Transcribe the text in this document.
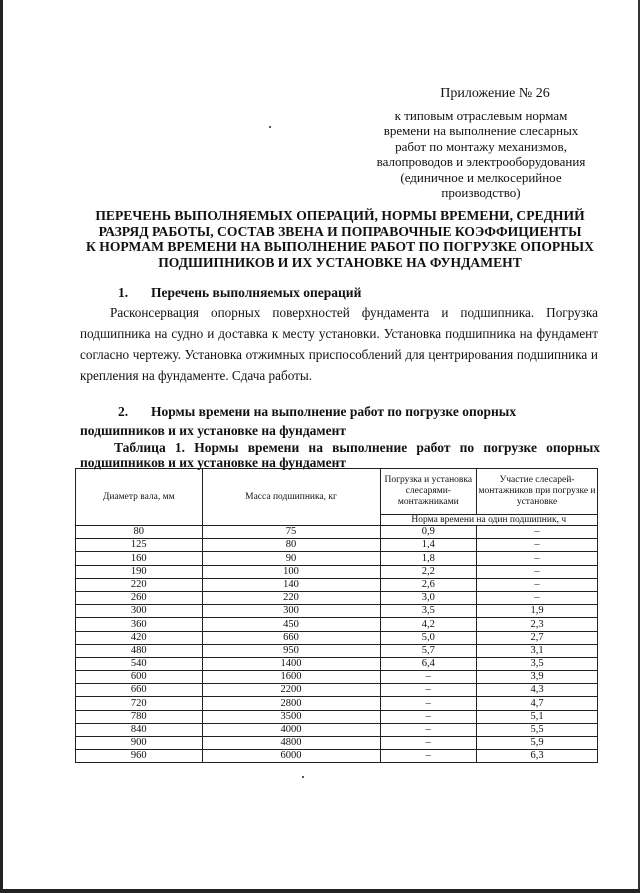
Приложение № 26
к типовым отраслевым нормам
времени на выполнение слесарных
работ по монтажу механизмов,
валопроводов и электрооборудования
(единичное и мелкосерийное
производство)
ПЕРЕЧЕНЬ ВЫПОЛНЯЕМЫХ ОПЕРАЦИЙ, НОРМЫ ВРЕМЕНИ, СРЕДНИЙ
РАЗРЯД РАБОТЫ, СОСТАВ ЗВЕНА И ПОПРАВОЧНЫЕ КОЭФФИЦИЕНТЫ
К НОРМАМ ВРЕМЕНИ НА ВЫПОЛНЕНИЕ РАБОТ ПО ПОГРУЗКЕ ОПОРНЫХ
ПОДШИПНИКОВ И ИХ УСТАНОВКЕ НА ФУНДАМЕНТ
1. Перечень выполняемых операций
Расконсервация опорных поверхностей фундамента и подшипника. Погрузка подшипника на судно и доставка к месту установки. Установка подшипника на фундамент согласно чертежу. Установка отжимных приспособлений для центрирования подшипника и крепления на фундаменте. Сдача работы.
2. Нормы времени на выполнение работ по погрузке опорных подшипников и их установке на фундамент
Таблица 1. Нормы времени на выполнение работ по погрузке опорных подшипников и их установке на фундамент
Диаметр вала, мм	Масса подшипника, кг	Погрузка и установка слесарями-монтажниками	Участие слесарей-монтажников при погрузке и установке
		Норма времени на один подшипник, ч	
80	75	0,9	–
125	80	1,4	–
160	90	1,8	–
190	100	2,2	–
220	140	2,6	–
260	220	3,0	–
300	300	3,5	1,9
360	450	4,2	2,3
420	660	5,0	2,7
480	950	5,7	3,1
540	1400	6,4	3,5
600	1600	–	3,9
660	2200	–	4,3
720	2800	–	4,7
780	3500	–	5,1
840	4000	–	5,5
900	4800	–	5,9
960	6000	–	6,3
